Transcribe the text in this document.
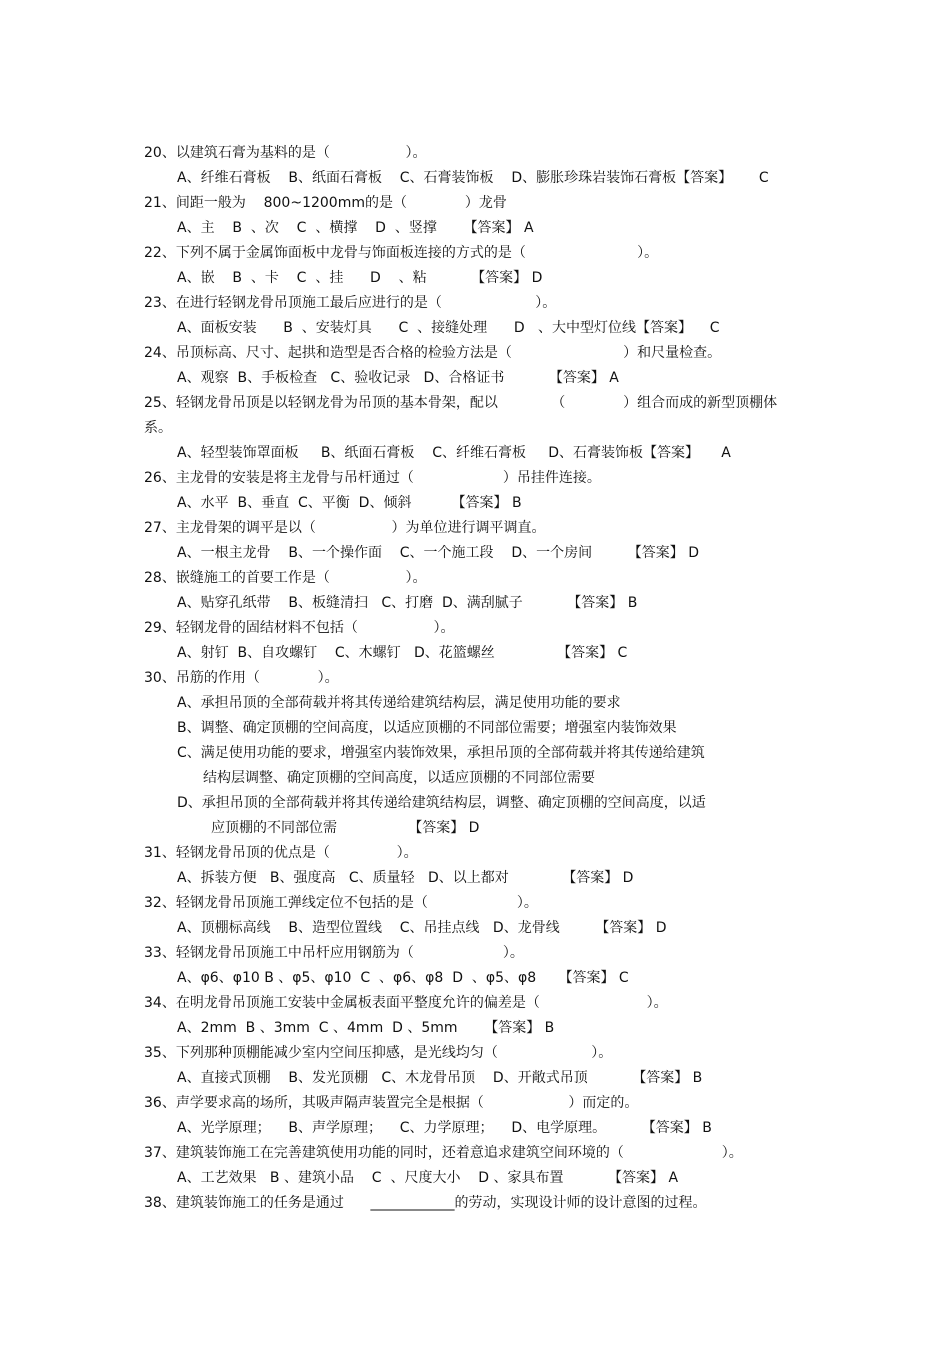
20、以建筑石膏为基料的是（                 ）。
A、纤维石膏板    B、纸面石膏板    C、石膏装饰板    D、膨胀珍珠岩装饰石膏板【答案】      C
21、间距一般为    800~1200mm的是（             ）龙骨
A、主    B  、次    C  、横撑    D  、竖撑      【答案】 A
22、下列不属于金属饰面板中龙骨与饰面板连接的方式的是（                         ）。
A、嵌    B  、卡    C  、挂      D    、粘          【答案】 D
23、在进行轻钢龙骨吊顶施工最后应进行的是（                     ）。
A、面板安装      B  、安装灯具      C  、接缝处理      D   、大中型灯位线【答案】    C
24、吊顶标高、尺寸、起拱和造型是否合格的检验方法是（                         ）和尺量检查。
A、观察  B、手板检查   C、验收记录   D、合格证书          【答案】 A
25、轻钢龙骨吊顶是以轻钢龙骨为吊顶的基本骨架，配以            （             ）组合而成的新型顶棚体
系。
A、轻型装饰罩面板     B、纸面石膏板    C、纤维石膏板     D、石膏装饰板【答案】     A
26、主龙骨的安装是将主龙骨与吊杆通过（                    ）吊挂件连接。
A、水平  B、垂直  C、平衡  D、倾斜         【答案】 B
27、主龙骨架的调平是以（                 ）为单位进行调平调直。
A、一根主龙骨    B、一个操作面    C、一个施工段    D、一个房间        【答案】 D
28、嵌缝施工的首要工作是（                 ）。
A、贴穿孔纸带    B、板缝清扫   C、打磨  D、满刮腻子          【答案】 B
29、轻钢龙骨的固结材料不包括（                 ）。
A、射钉  B、自攻螺钉    C、木螺钉   D、花篮螺丝              【答案】 C
30、吊筋的作用（             ）。
A、承担吊顶的全部荷载并将其传递给建筑结构层，满足使用功能的要求
B、调整、确定顶棚的空间高度，以适应顶棚的不同部位需要；增强室内装饰效果
C、满足使用功能的要求，增强室内装饰效果，承担吊顶的全部荷载并将其传递给建筑
结构层调整、确定顶棚的空间高度，以适应顶棚的不同部位需要
D、承担吊顶的全部荷载并将其传递给建筑结构层，调整、确定顶棚的空间高度，以适
应顶棚的不同部位需                【答案】 D
31、轻钢龙骨吊顶的优点是（               ）。
A、拆装方便   B、强度高   C、质量轻   D、以上都对            【答案】 D
32、轻钢龙骨吊顶施工弹线定位不包括的是（                    ）。
A、顶棚标高线    B、造型位置线    C、吊挂点线   D、龙骨线        【答案】 D
33、轻钢龙骨吊顶施工中吊杆应用钢筋为（                    ）。
A、φ6、φ10 B 、φ5、φ10  C  、φ6、φ8  D  、φ5、φ8     【答案】 C
34、在明龙骨吊顶施工安装中金属板表面平整度允许的偏差是（                        ）。
A、2mm  B 、3mm  C 、4mm  D 、5mm      【答案】 B
35、下列那种顶棚能减少室内空间压抑感，是光线均匀（                     ）。
A、直接式顶棚    B、发光顶棚   C、木龙骨吊顶    D、开敞式吊顶          【答案】 B
36、声学要求高的场所，其吸声隔声装置完全是根据（                   ）而定的。
A、光学原理；    B、声学原理；    C、力学原理；    D、电学原理。        【答案】 B
37、建筑装饰施工在完善建筑使用功能的同时，还着意追求建筑空间环境的（                      ）。
A、工艺效果   B 、建筑小品    C  、尺度大小    D 、家具布置          【答案】 A
38、建筑装饰施工的任务是通过      ____________的劳动，实现设计师的设计意图的过程。
